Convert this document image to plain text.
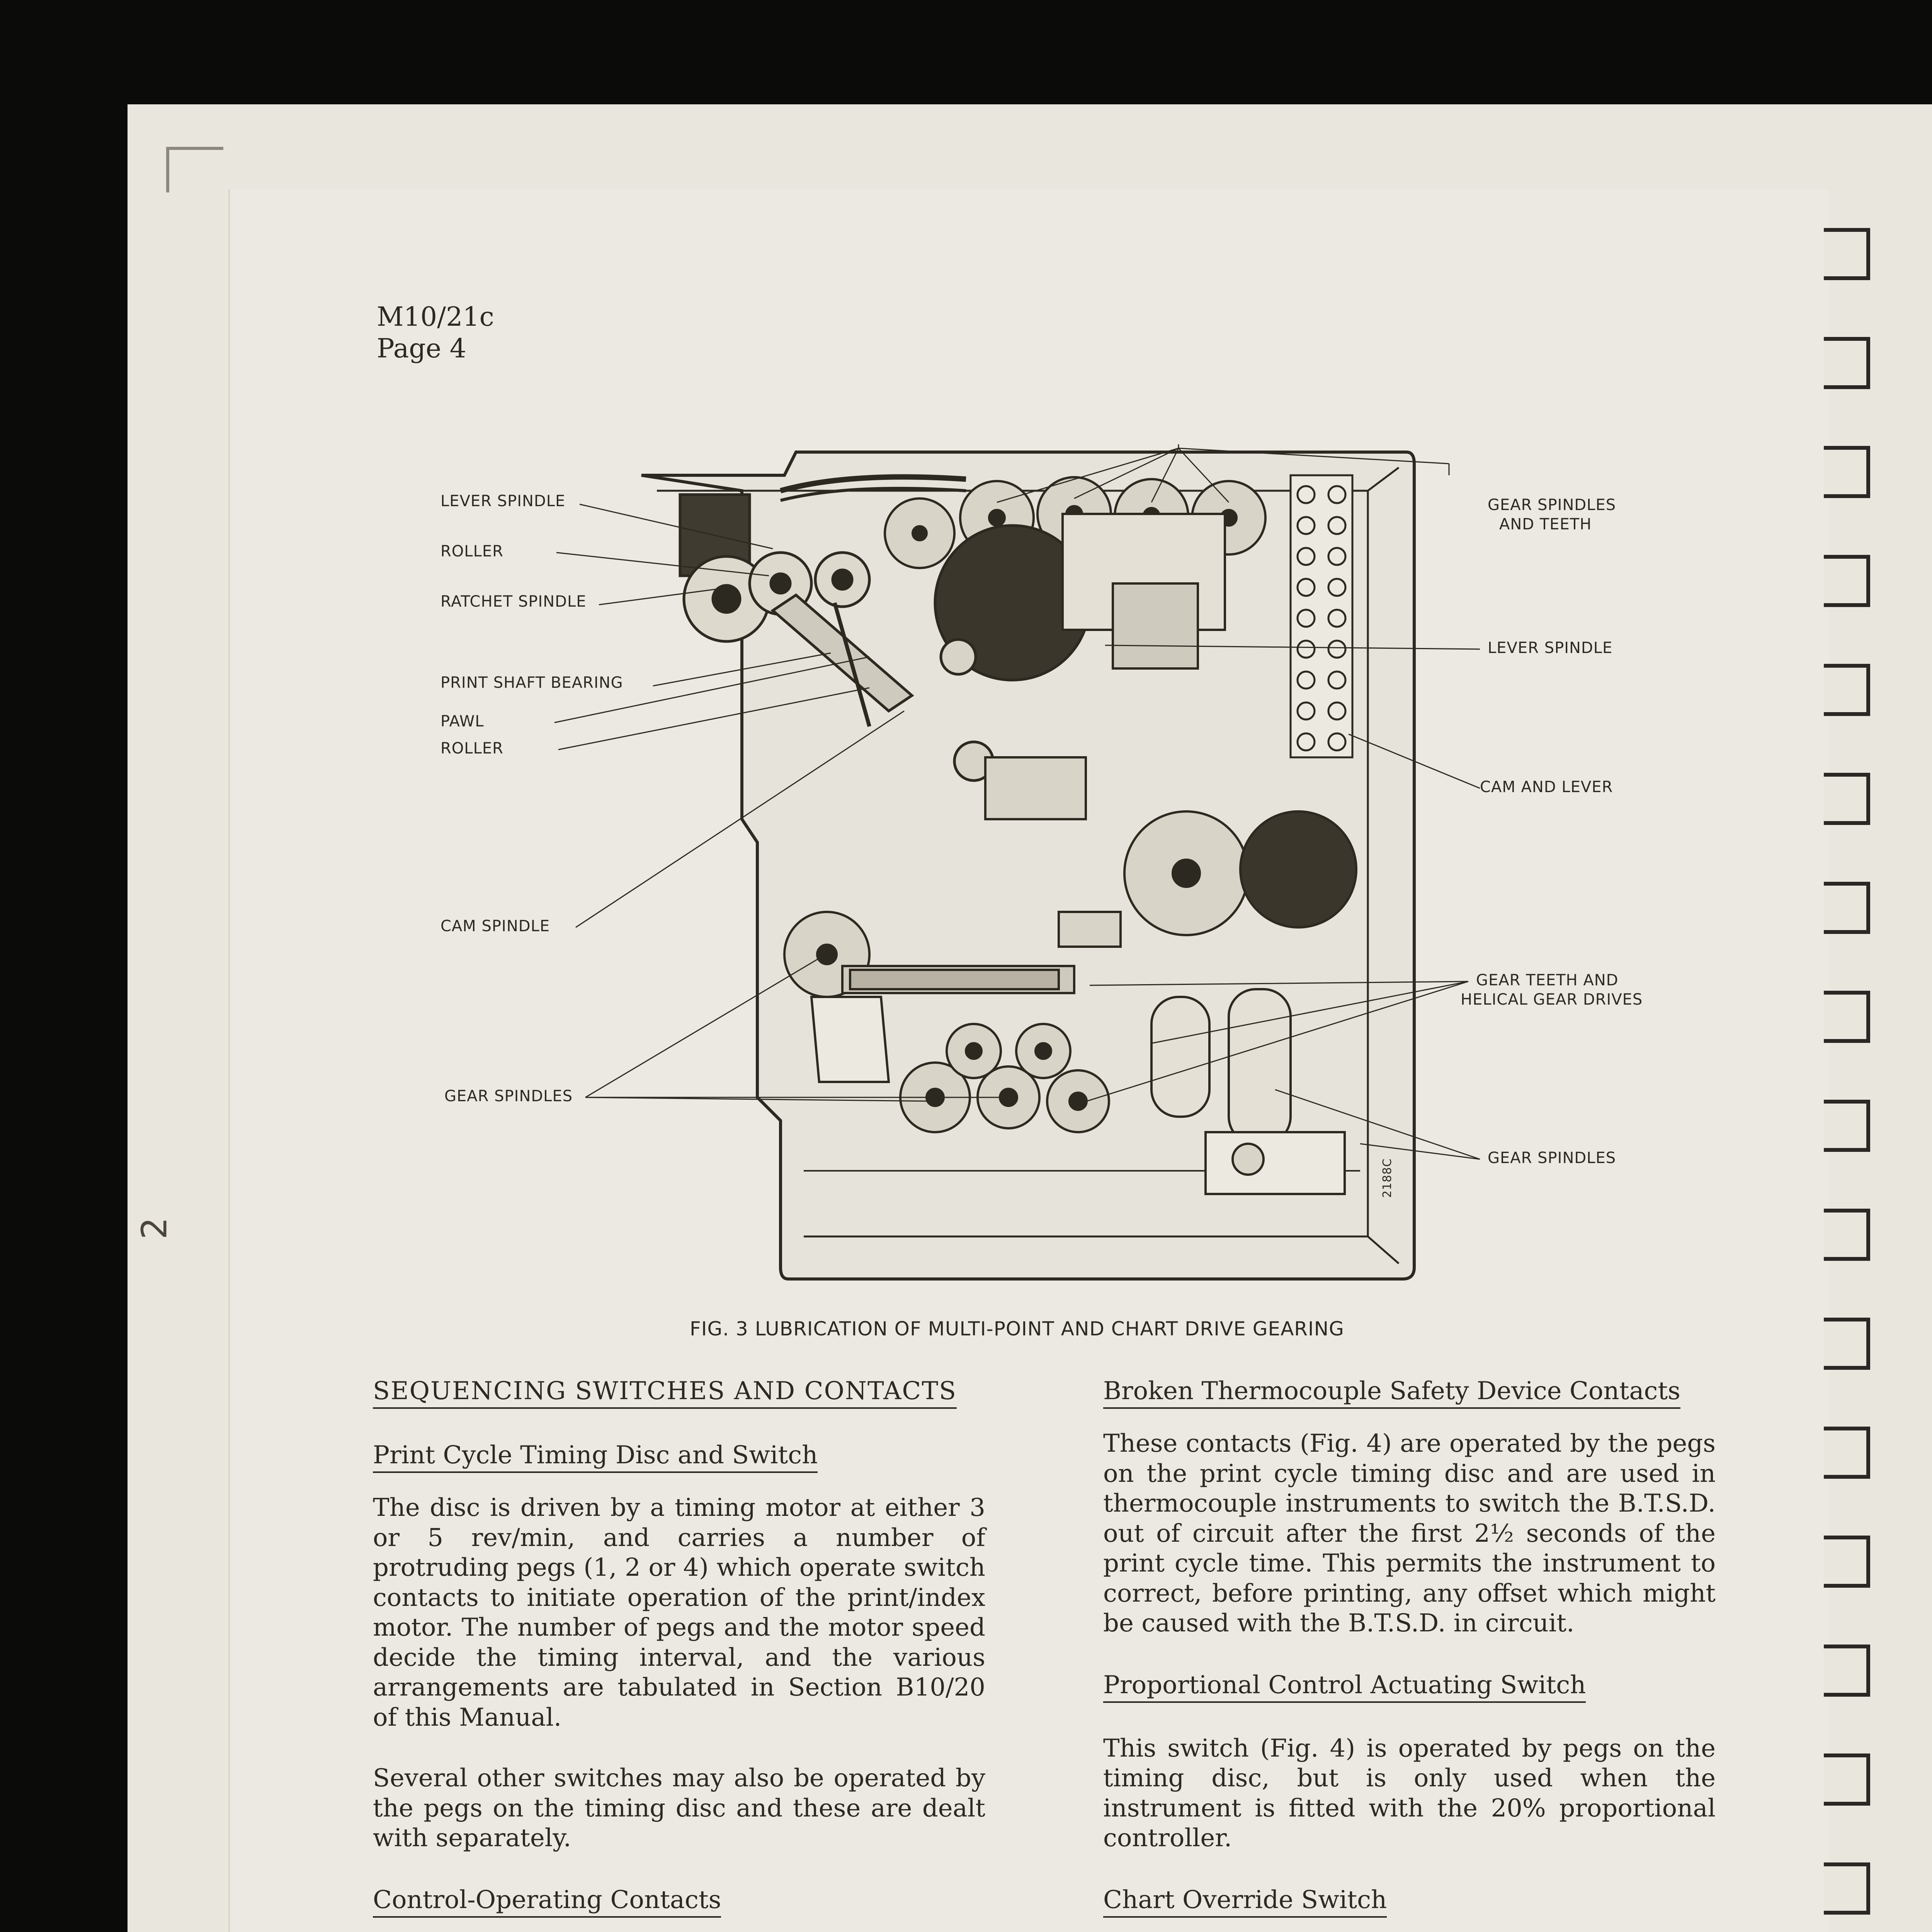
2
M10/21c
Page 4
LEVER SPINDLE
ROLLER
RATCHET SPINDLE
PRINT SHAFT BEARING
PAWL
ROLLER
CAM SPINDLE
GEAR SPINDLES
GEAR SPINDLES
AND TEETH
LEVER SPINDLE
CAM AND LEVER
GEAR TEETH AND
HELICAL GEAR DRIVES
GEAR SPINDLES
2188C
FIG. 3 LUBRICATION OF MULTI-POINT AND CHART DRIVE GEARING
SEQUENCING SWITCHES AND CONTACTS
Print Cycle Timing Disc and Switch

The disc is driven by a timing motor at either 3 or 5 rev/min, and carries a number of protruding pegs (1, 2 or 4) which operate switch contacts to initiate operation of the print/index motor. The number of pegs and the motor speed decide the timing interval, and the various arrangements are tabulated in Section B10/20 of this Manual.

Several other switches may also be operated by the pegs on the timing disc and these are dealt with separately.

Control-Operating Contacts

Broken Thermocouple Safety Device Contacts

These contacts (Fig. 4) are operated by the pegs on the print cycle timing disc and are used in thermocouple instruments to switch the B.T.S.D. out of circuit after the first 2½ seconds of the print cycle time. This permits the instrument to correct, before printing, any offset which might be caused with the B.T.S.D. in circuit.

Proportional Control Actuating Switch

This switch (Fig. 4) is operated by pegs on the timing disc, but is only used when the instrument is fitted with the 20% proportional controller.

Chart Override Switch
